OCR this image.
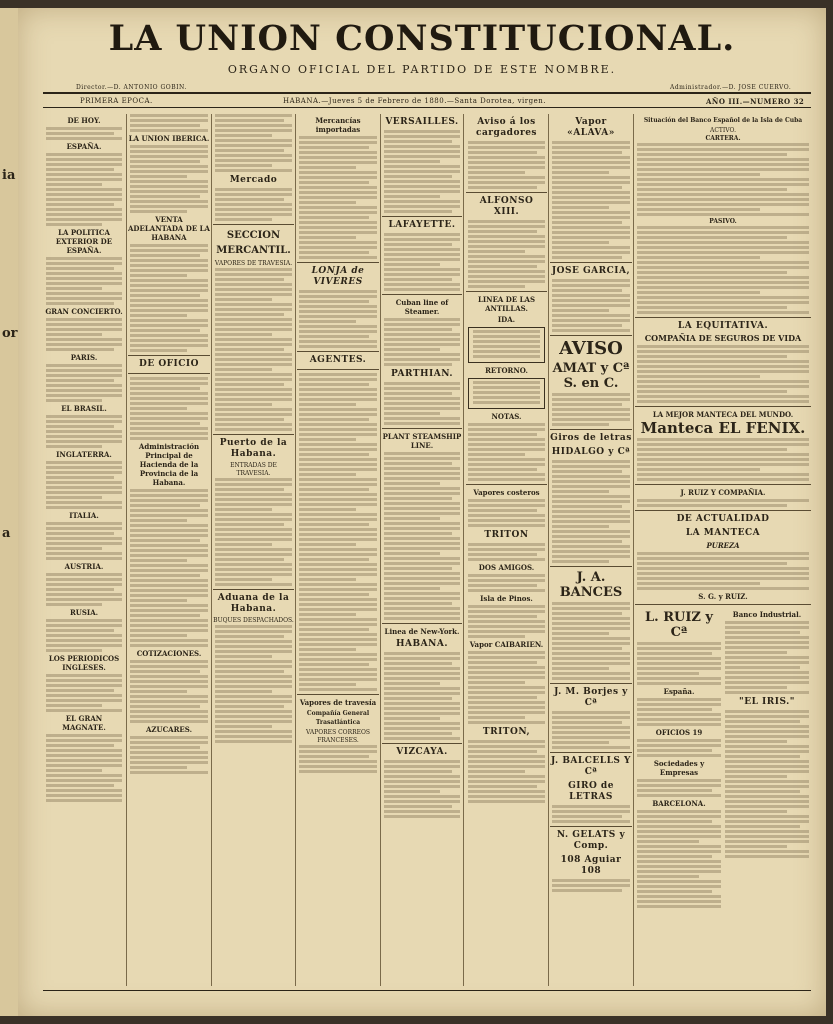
ia
or
a
LA UNION CONSTITUCIONAL.
ORGANO OFICIAL DEL PARTIDO DE ESTE NOMBRE.
Director.—D. ANTONIO GOBIN.	Administrador.—D. JOSE CUERVO.
PRIMERA EPOCA.	HABANA.—Jueves 5 de Febrero de 1880.—Santa Dorotea, virgen.	AÑO III.—NUMERO 32
DE HOY.
ESPAÑA.
LA POLITICA EXTERIOR DE ESPAÑA.
GRAN CONCIERTO.
PARIS.
EL BRASIL.
INGLATERRA.
ITALIA.
AUSTRIA.
RUSIA.
LOS PERIODICOS INGLESES.
EL GRAN MAGNATE.
LA UNION IBERICA.
VENTA ADELANTADA DE LA HABANA
DE OFICIO
Administración Principal de Hacienda de la Provincia de la Habana.
COTIZACIONES.
AZUCARES.
Mercado
SECCION MERCANTIL.
VAPORES DE TRAVESIA.
Puerto de la Habana.
ENTRADAS DE TRAVESIA.
Aduana de la Habana.
BUQUES DESPACHADOS.
Mercancías importadas
LONJA de VIVERES
AGENTES.
Vapores de travesía
Compañía General Trasatlántica
VAPORES CORREOS FRANCESES.
VERSAILLES.
LAFAYETTE.
Cuban line of Steamer.
PARTHIAN.
PLANT STEAMSHIP LINE.
Linea de New-York.
HABANA.
VIZCAYA.
Aviso á los cargadores
ALFONSO XIII.
LINEA DE LAS ANTILLAS.
IDA.
RETORNO.
NOTAS.
Vapores costeros
TRITON
DOS AMIGOS.
Isla de Pinos.
Vapor CAIBARIEN.
TRITON,
Vapor «ALAVA»
JOSE GARCIA,
AVISO
AMAT y Cª S. en C.
Giros de letras
HIDALGO y Cª
J. A. BANCES
J. M. Borjes y Cª
J. BALCELLS Y Cª
GIRO de LETRAS
N. GELATS y Comp.
108 Aguiar 108
Situación del Banco Español de la Isla de Cuba
ACTIVO.
CARTERA.
PASIVO.
LA EQUITATIVA.
COMPAÑIA DE SEGUROS DE VIDA
LA MEJOR MANTECA DEL MUNDO.
Manteca EL FENIX.
J. RUIZ Y COMPAÑIA.
DE ACTUALIDAD
LA MANTECA
PUREZA
S. G. y RUIZ.
L. RUIZ y Cª
España.
OFICIOS 19
Sociedades y Empresas
BARCELONA.
Banco Industrial.
"EL IRIS."
